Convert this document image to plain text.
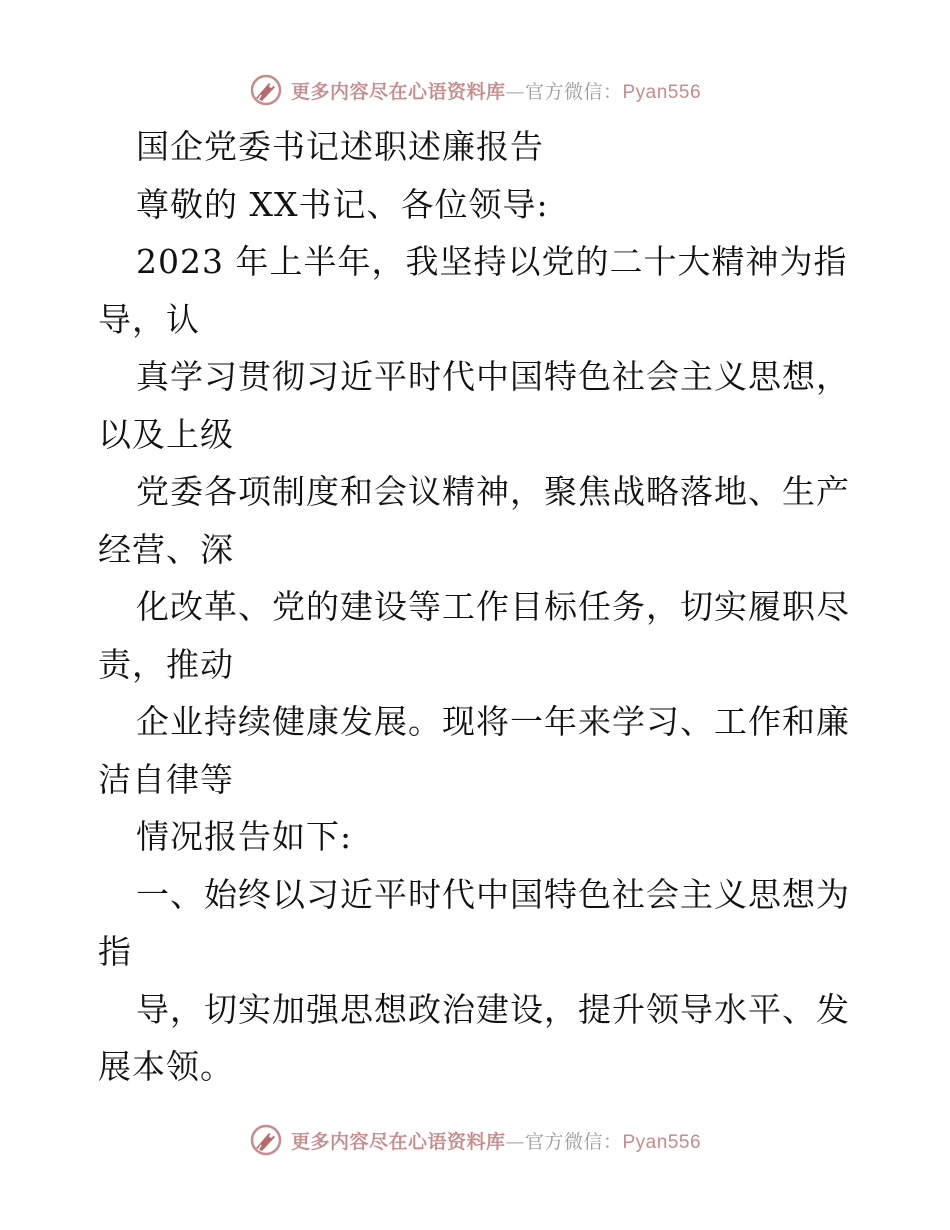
更多内容尽在心语资料库—官方微信：Pyan556
国企党委书记述职述廉报告
尊敬的 XX书记、各位领导:
2023 年上半年，我坚持以党的二十大精神为指
导，认
真学习贯彻习近平时代中国特色社会主义思想，
以及上级
党委各项制度和会议精神，聚焦战略落地、生产
经营、深
化改革、党的建设等工作目标任务，切实履职尽
责，推动
企业持续健康发展。现将一年来学习、工作和廉
洁自律等
情况报告如下:
一、始终以习近平时代中国特色社会主义思想为
指
导，切实加强思想政治建设，提升领导水平、发
展本领。
更多内容尽在心语资料库—官方微信：Pyan556
